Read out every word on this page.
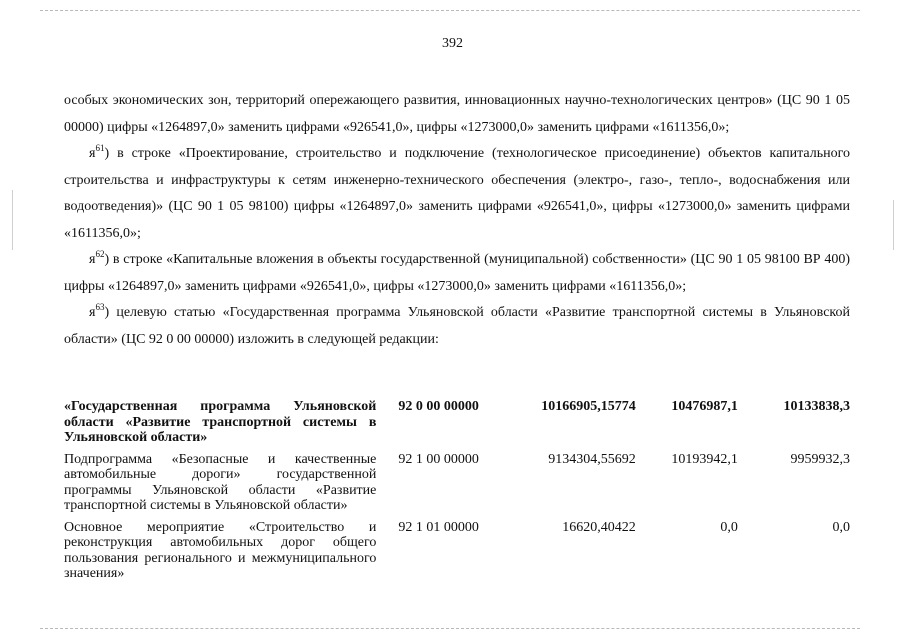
392

особых экономических зон, территорий опережающего развития, инновационных научно-технологических центров» (ЦС 90 1 05 00000) цифры «1264897,0» заменить цифрами «926541,0», цифры «1273000,0» заменить цифрами «1611356,0»;

$я^{61}$) в строке «Проектирование, строительство и подключение (технологическое присоединение) объектов капитального строительства и инфраструктуры к сетям инженерно-технического обеспечения (электро-, газо-, тепло-, водоснабжения или водоотведения)» (ЦС 90 1 05 98100) цифры «1264897,0» заменить цифрами «926541,0», цифры «1273000,0» заменить цифрами «1611356,0»;

$я^{62}$) в строке «Капитальные вложения в объекты государственной (муниципальной) собственности» (ЦС 90 1 05 98100 ВР 400) цифры «1264897,0» заменить цифрами «926541,0», цифры «1273000,0» заменить цифрами «1611356,0»;

$я^{63}$) целевую статью «Государственная программа Ульяновской области «Развитие транспортной системы в Ульяновской области» (ЦС 92 0 00 00000) изложить в следующей редакции:

«Государственная программа Ульяновской области «Развитие транспортной системы в Ульяновской области»	92 0 00 00000	10166905,15774	10476987,1	10133838,3
Подпрограмма «Безопасные и качественные автомобильные дороги» государственной программы Ульяновской области «Развитие транспортной системы в Ульяновской области»	92 1 00 00000	9134304,55692	10193942,1	9959932,3
Основное мероприятие «Строительство и реконструкция автомобильных дорог общего пользования регионального и межмуниципального значения»	92 1 01 00000	16620,40422	0,0	0,0
